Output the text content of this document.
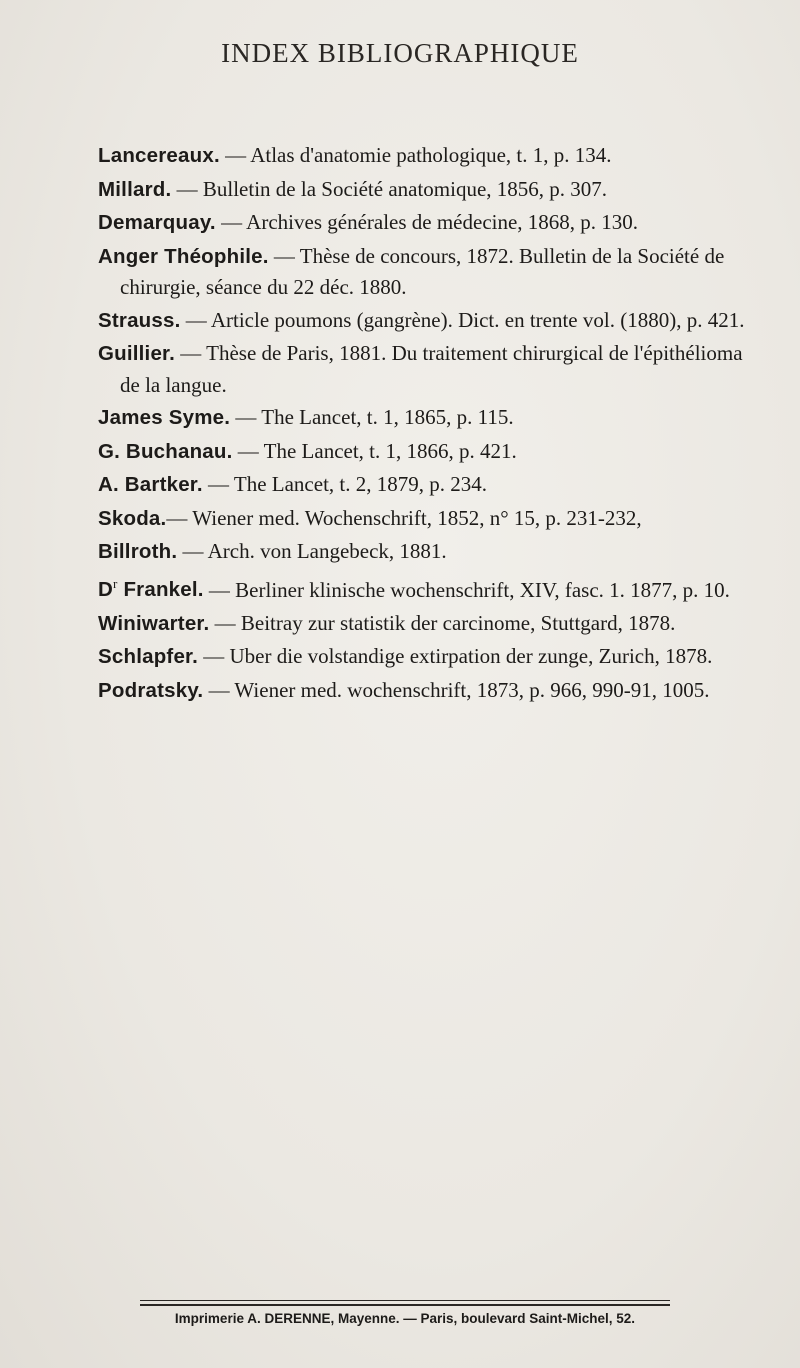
INDEX BIBLIOGRAPHIQUE
Lancereaux. — Atlas d'anatomie pathologique, t. 1, p. 134.
Millard. — Bulletin de la Société anatomique, 1856, p. 307.
Demarquay. — Archives générales de médecine, 1868, p. 130.
Anger Théophile. — Thèse de concours, 1872. Bulletin de la Société de chirurgie, séance du 22 déc. 1880.
Strauss. — Article poumons (gangrène). Dict. en trente vol. (1880), p. 421.
Guillier. — Thèse de Paris, 1881. Du traitement chirurgical de l'épithélioma de la langue.
James Syme. — The Lancet, t. 1, 1865, p. 115.
G. Buchanau. — The Lancet, t. 1, 1866, p. 421.
A. Bartker. — The Lancet, t. 2, 1879, p. 234.
Skoda.— Wiener med. Wochenschrift, 1852, n° 15, p. 231-232,
Billroth. — Arch. von Langebeck, 1881.
$D^r$ Frankel. — Berliner klinische wochenschrift, XIV, fasc. 1. 1877, p. 10.
Winiwarter. — Beitray zur statistik der carcinome, Stuttgard, 1878.
Schlapfer. — Uber die volstandige extirpation der zunge, Zurich, 1878.
Podratsky. — Wiener med. wochenschrift, 1873, p. 966, 990-91, 1005.
Imprimerie A. DERENNE, Mayenne. — Paris, boulevard Saint-Michel, 52.
